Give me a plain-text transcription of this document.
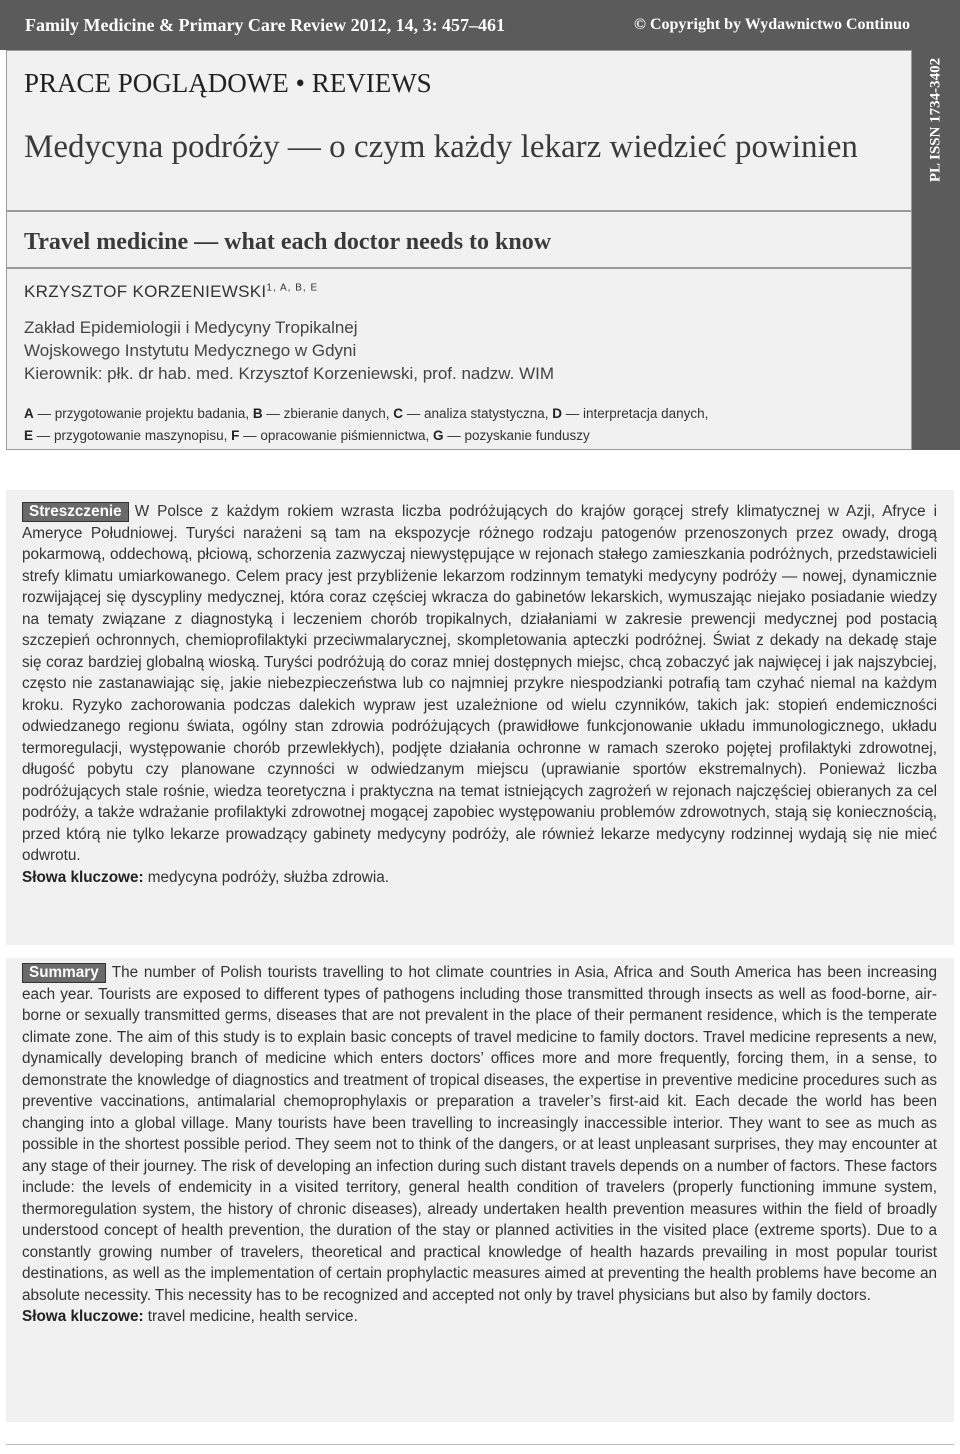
Family Medicine & Primary Care Review 2012, 14, 3: 457–461	© Copyright by Wydawnictwo Continuo
PL ISSN 1734-3402
PRACE POGLĄDOWE • REVIEWS
Medycyna podróży — o czym każdy lekarz wiedzieć powinien
Travel medicine — what each doctor needs to know
KRZYSZTOF $KORZENIEWSKI^{1, A, B, E}$
Zakład Epidemiologii i Medycyny Tropikalnej
Wojskowego Instytutu Medycznego w Gdyni
Kierownik: płk. dr hab. med. Krzysztof Korzeniewski, prof. nadzw. WIM
A — przygotowanie projektu badania, B — zbieranie danych, C — analiza statystyczna, D — interpretacja danych,
E — przygotowanie maszynopisu, F — opracowanie piśmiennictwa, G — pozyskanie funduszy
Streszczenie W Polsce z każdym rokiem wzrasta liczba podróżujących do krajów gorącej strefy klimatycznej w Azji, Afryce i Ameryce Południowej. Turyści narażeni są tam na ekspozycje różnego rodzaju patogenów przenoszonych przez owady, drogą pokarmową, oddechową, płciową, schorzenia zazwyczaj niewystępujące w rejonach stałego zamieszkania podróżnych, przedstawicieli strefy klimatu umiarkowanego. Celem pracy jest przybliżenie lekarzom rodzinnym tematyki medycyny podróży — nowej, dynamicznie rozwijającej się dyscypliny medycznej, która coraz częściej wkracza do gabinetów lekarskich, wymuszając niejako posiadanie wiedzy na tematy związane z diagnostyką i leczeniem chorób tropikalnych, działaniami w zakresie prewencji medycznej pod postacią szczepień ochronnych, chemioprofilaktyki przeciwmalarycznej, skompletowania apteczki podróżnej. Świat z dekady na dekadę staje się coraz bardziej globalną wioską. Turyści podróżują do coraz mniej dostępnych miejsc, chcą zobaczyć jak najwięcej i jak najszybciej, często nie zastanawiając się, jakie niebezpieczeństwa lub co najmniej przykre niespodzianki potrafią tam czyhać niemal na każdym kroku. Ryzyko zachorowania podczas dalekich wypraw jest uzależnione od wielu czynników, takich jak: stopień endemiczności odwiedzanego regionu świata, ogólny stan zdrowia podróżujących (prawidłowe funkcjonowanie układu immunologicznego, układu termoregulacji, występowanie chorób przewlekłych), podjęte działania ochronne w ramach szeroko pojętej profilaktyki zdrowotnej, długość pobytu czy planowane czynności w odwiedzanym miejscu (uprawianie sportów ekstremalnych). Ponieważ liczba podróżujących stale rośnie, wiedza teoretyczna i praktyczna na temat istniejących zagrożeń w rejonach najczęściej obieranych za cel podróży, a także wdrażanie profilaktyki zdrowotnej mogącej zapobiec występowaniu problemów zdrowotnych, stają się koniecznością, przed którą nie tylko lekarze prowadzący gabinety medycyny podróży, ale również lekarze medycyny rodzinnej wydają się nie mieć odwrotu.
Słowa kluczowe: medycyna podróży, służba zdrowia.
Summary The number of Polish tourists travelling to hot climate countries in Asia, Africa and South America has been increasing each year. Tourists are exposed to different types of pathogens including those transmitted through insects as well as food-borne, air-borne or sexually transmitted germs, diseases that are not prevalent in the place of their permanent residence, which is the temperate climate zone. The aim of this study is to explain basic concepts of travel medicine to family doctors. Travel medicine represents a new, dynamically developing branch of medicine which enters doctors’ offices more and more frequently, forcing them, in a sense, to demonstrate the knowledge of diagnostics and treatment of tropical diseases, the expertise in preventive medicine procedures such as preventive vaccinations, antimalarial chemoprophylaxis or preparation a traveler’s first-aid kit. Each decade the world has been changing into a global village. Many tourists have been travelling to increasingly inaccessible interior. They want to see as much as possible in the shortest possible period. They seem not to think of the dangers, or at least unpleasant surprises, they may encounter at any stage of their journey. The risk of developing an infection during such distant travels depends on a number of factors. These factors include: the levels of endemicity in a visited territory, general health condition of travelers (properly functioning immune system, thermoregulation system, the history of chronic diseases), already undertaken health prevention measures within the field of broadly understood concept of health prevention, the duration of the stay or planned activities in the visited place (extreme sports). Due to a constantly growing number of travelers, theoretical and practical knowledge of health hazards prevailing in most popular tourist destinations, as well as the implementation of certain prophylactic measures aimed at preventing the health problems have become an absolute necessity. This necessity has to be recognized and accepted not only by travel physicians but also by family doctors.
Słowa kluczowe: travel medicine, health service.
